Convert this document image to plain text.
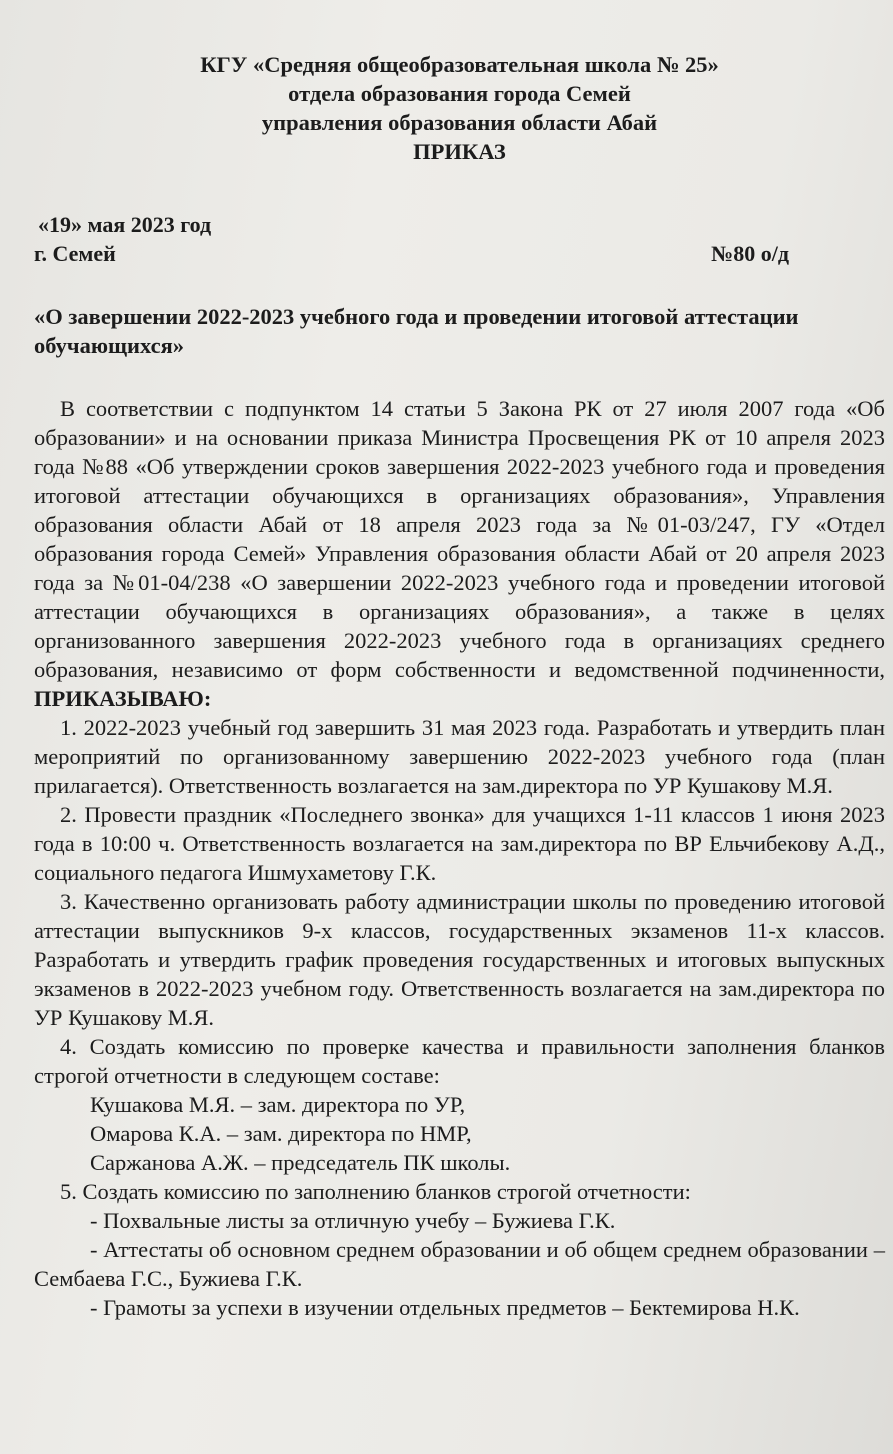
КГУ «Средняя общеобразовательная школа № 25»
отдела образования города Семей
управления образования области Абай
ПРИКАЗ
«19» мая 2023 год
г. Семей	№80 о/д
«О завершении 2022-2023 учебного года и проведении итоговой аттестации обучающихся»

В соответствии с подпунктом 14 статьи 5 Закона РК от 27 июля 2007 года «Об образовании» и на основании приказа Министра Просвещения РК от 10 апреля 2023 года №88 «Об утверждении сроков завершения 2022-2023 учебного года и проведения итоговой аттестации обучающихся в организациях образования», Управления образования области Абай от 18 апреля 2023 года за №01-03/247, ГУ «Отдел образования города Семей» Управления образования области Абай от 20 апреля 2023 года за №01-04/238 «О завершении 2022-2023 учебного года и проведении итоговой аттестации обучающихся в организациях образования», а также в целях организованного завершения 2022-2023 учебного года в организациях среднего образования, независимо от форм собственности и ведомственной подчиненности, ПРИКАЗЫВАЮ:

1. 2022-2023 учебный год завершить 31 мая 2023 года. Разработать и утвердить план мероприятий по организованному завершению 2022-2023 учебного года (план прилагается). Ответственность возлагается на зам.директора по УР Кушакову М.Я.

2. Провести праздник «Последнего звонка» для учащихся 1-11 классов 1 июня 2023 года в 10:00 ч. Ответственность возлагается на зам.директора по ВР Ельчибекову А.Д., социального педагога Ишмухаметову Г.К.

3. Качественно организовать работу администрации школы по проведению итоговой аттестации выпускников 9-х классов, государственных экзаменов 11-х классов. Разработать и утвердить график проведения государственных и итоговых выпускных экзаменов в 2022-2023 учебном году. Ответственность возлагается на зам.директора по УР Кушакову М.Я.

4. Создать комиссию по проверке качества и правильности заполнения бланков строгой отчетности в следующем составе:

Кушакова М.Я. – зам. директора по УР,

Омарова К.А. – зам. директора по НМР,

Саржанова А.Ж. – председатель ПК школы.

5. Создать комиссию по заполнению бланков строгой отчетности:

- Похвальные листы за отличную учебу – Бужиева Г.К.

- Аттестаты об основном среднем образовании и об общем среднем образовании – Сембаева Г.С., Бужиева Г.К.

- Грамоты за успехи в изучении отдельных предметов – Бектемирова Н.К.
